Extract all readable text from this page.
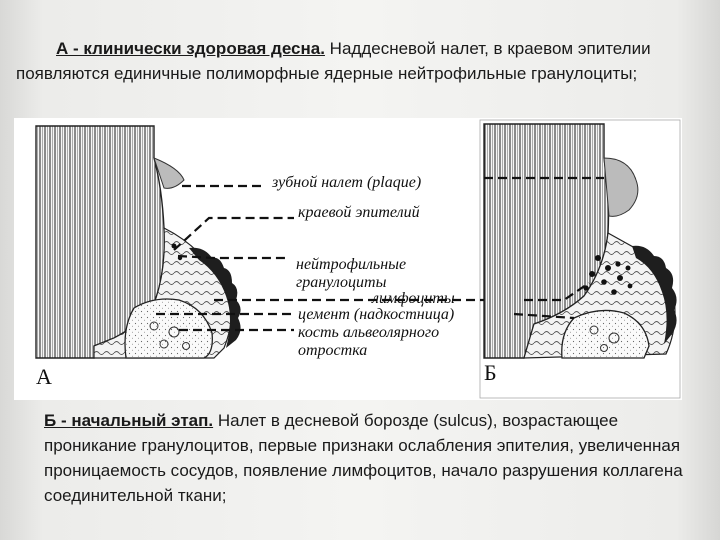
А - клинически здоровая десна. Наддесневой налет, в краевом эпителии появляются единичные полиморфные ядерные нейтрофильные гранулоциты;
зубной налет (plaque)
краевой эпителий
нейтрофильные
гранулоциты
лимфоциты
цемент (надкостница)
кость альвеолярного
отростка
А	Б
Б - начальный этап. Налет в десневой борозде (sulcus), возрастающее проникание гранулоцитов, первые признаки ослабления эпителия, увеличенная проницаемость сосудов, появление лимфоцитов, начало разрушения коллагена соединительной ткани;
